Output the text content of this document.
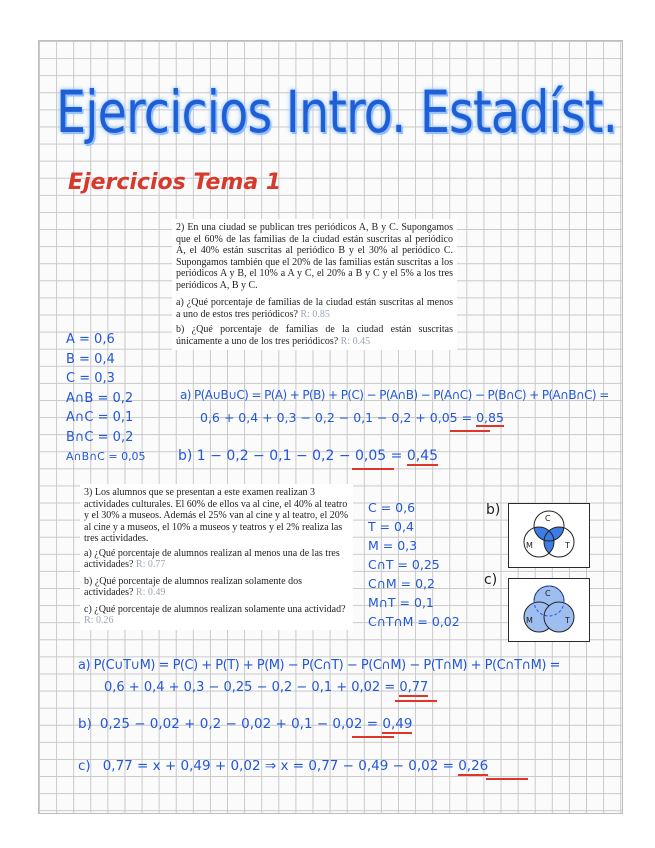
Ejercicios Intro. Estadíst.
Ejercicios Tema 1

2) En una ciudad se publican tres periódicos A, B y C. Supongamos que el 60% de las familias de la ciudad están suscritas al periódico A, el 40% están suscritas al periódico B y el 30% al periódico C. Supongamos también que el 20% de las familias están suscritas a los periódicos A y B, el 10% a A y C, el 20% a B y C y el 5% a los tres periódicos A, B y C.

a) ¿Qué porcentaje de familias de la ciudad están suscritas al menos a uno de estos tres periódicos? R: 0.85

b) ¿Qué porcentaje de familias de la ciudad están suscritas únicamente a uno de los tres periódicos? R: 0.45

A = 0,6
B = 0,4
C = 0,3
A∩B = 0,2
A∩C = 0,1
B∩C = 0,2
A∩B∩C = 0,05
a) P(A∪B∪C) = P(A) + P(B) + P(C) − P(A∩B) − P(A∩C) − P(B∩C) + P(A∩B∩C) =
0,6 + 0,4 + 0,3 − 0,2 − 0,1 − 0,2 + 0,05 = 0,85
b) 1 − 0,2 − 0,1 − 0,2 − 0,05 = 0,45

3) Los alumnos que se presentan a este examen realizan 3 actividades culturales. El 60% de ellos va al cine, el 40% al teatro y el 30% a museos. Además el 25% van al cine y al teatro, el 20% al cine y a museos, el 10% a museos y teatros y el 2% realiza las tres actividades.

a) ¿Qué porcentaje de alumnos realizan al menos una de las tres actividades? R: 0.77

b) ¿Qué porcentaje de alumnos realizan solamente dos actividades? R: 0.49

c) ¿Qué porcentaje de alumnos realizan solamente una actividad? R: 0.26

C = 0,6
T = 0,4
M = 0,3
C∩T = 0,25
C∩M = 0,2
M∩T = 0,1
C∩T∩M = 0,02
b)
C
M	T
c)
C
M	T
a) P(C∪T∪M) = P(C) + P(T) + P(M) − P(C∩T) − P(C∩M) − P(T∩M) + P(C∩T∩M) =
0,6 + 0,4 + 0,3 − 0,25 − 0,2 − 0,1 + 0,02 = 0,77
b) 0,25 − 0,02 + 0,2 − 0,02 + 0,1 − 0,02 = 0,49
c) 0,77 = x + 0,49 + 0,02 ⇒ x = 0,77 − 0,49 − 0,02 = 0,26
